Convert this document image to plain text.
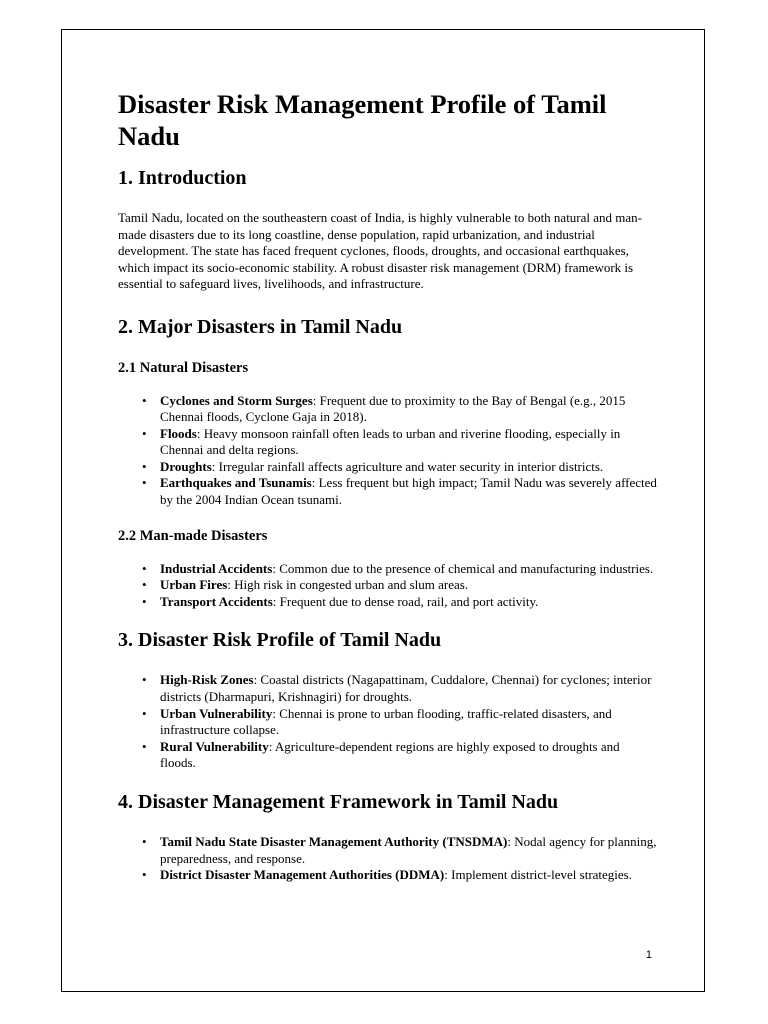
Disaster Risk Management Profile of Tamil Nadu
1. Introduction

Tamil Nadu, located on the southeastern coast of India, is highly vulnerable to both natural and man-made disasters due to its long coastline, dense population, rapid urbanization, and industrial development. The state has faced frequent cyclones, floods, droughts, and occasional earthquakes, which impact its socio-economic stability. A robust disaster risk management (DRM) framework is essential to safeguard lives, livelihoods, and infrastructure.

2. Major Disasters in Tamil Nadu
2.1 Natural Disasters
• Cyclones and Storm Surges: Frequent due to proximity to the Bay of Bengal (e.g., 2015 Chennai floods, Cyclone Gaja in 2018).
• Floods: Heavy monsoon rainfall often leads to urban and riverine flooding, especially in Chennai and delta regions.
• Droughts: Irregular rainfall affects agriculture and water security in interior districts.
• Earthquakes and Tsunamis: Less frequent but high impact; Tamil Nadu was severely affected by the 2004 Indian Ocean tsunami.
2.2 Man-made Disasters
• Industrial Accidents: Common due to the presence of chemical and manufacturing industries.
• Urban Fires: High risk in congested urban and slum areas.
• Transport Accidents: Frequent due to dense road, rail, and port activity.
3. Disaster Risk Profile of Tamil Nadu
• High-Risk Zones: Coastal districts (Nagapattinam, Cuddalore, Chennai) for cyclones; interior districts (Dharmapuri, Krishnagiri) for droughts.
• Urban Vulnerability: Chennai is prone to urban flooding, traffic-related disasters, and infrastructure collapse.
• Rural Vulnerability: Agriculture-dependent regions are highly exposed to droughts and floods.
4. Disaster Management Framework in Tamil Nadu
• Tamil Nadu State Disaster Management Authority (TNSDMA): Nodal agency for planning, preparedness, and response.
• District Disaster Management Authorities (DDMA): Implement district-level strategies.
1
